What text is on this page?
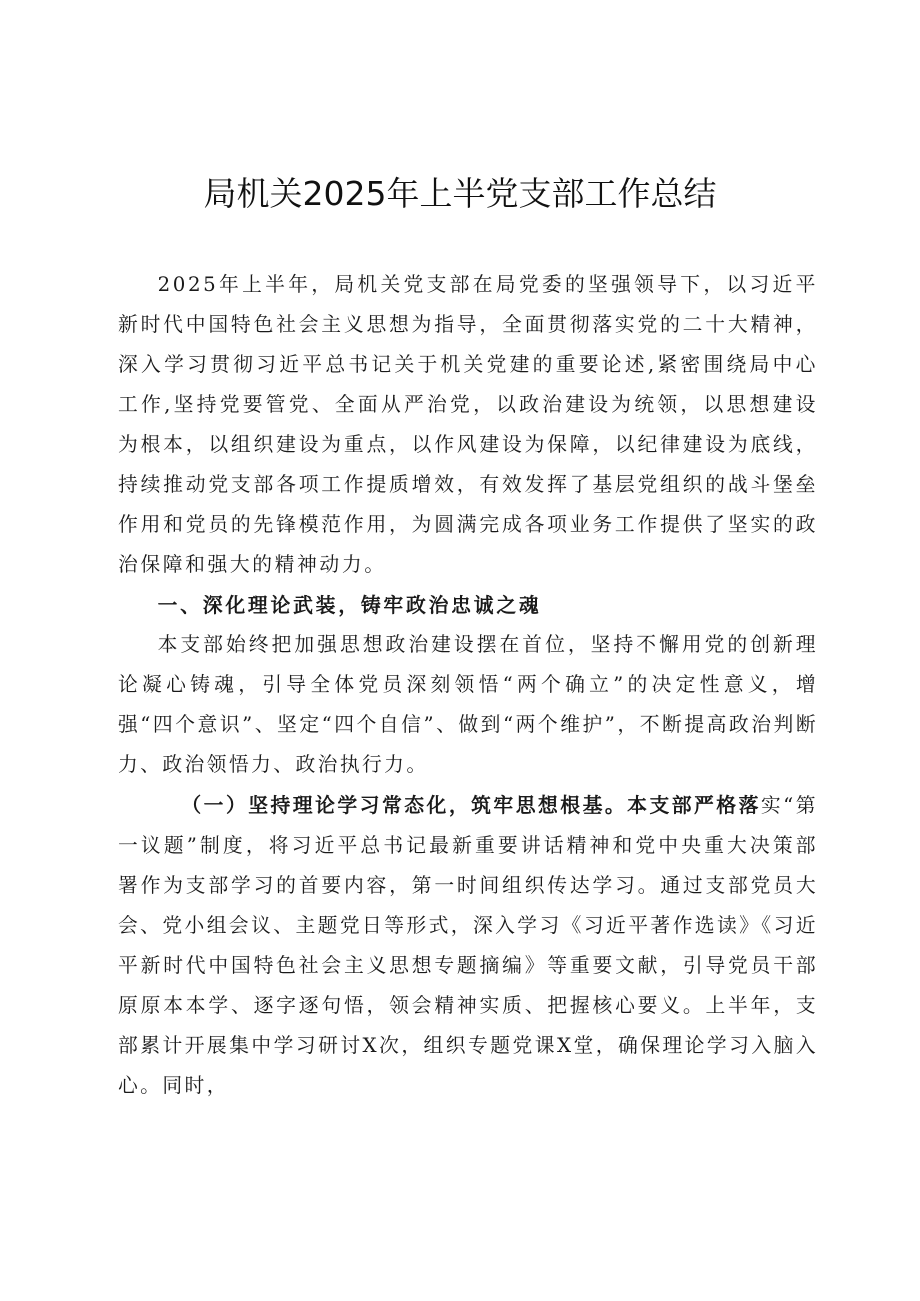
局机关2025年上半党支部工作总结

2025年上半年，局机关党支部在局党委的坚强领导下，以习近平新时代中国特色社会主义思想为指导，全面贯彻落实党的二十大精神，深入学习贯彻习近平总书记关于机关党建的重要论述,紧密围绕局中心工作,坚持党要管党、全面从严治党，以政治建设为统领，以思想建设为根本，以组织建设为重点，以作风建设为保障，以纪律建设为底线，持续推动党支部各项工作提质增效，有效发挥了基层党组织的战斗堡垒作用和党员的先锋模范作用，为圆满完成各项业务工作提供了坚实的政治保障和强大的精神动力。

一、深化理论武装，铸牢政治忠诚之魂

本支部始终把加强思想政治建设摆在首位，坚持不懈用党的创新理论凝心铸魂，引导全体党员深刻领悟“两个确立”的决定性意义，增强“四个意识”、坚定“四个自信”、做到“两个维护”，不断提高政治判断力、政治领悟力、政治执行力。

（一）坚持理论学习常态化，筑牢思想根基。本支部严格落实“第一议题”制度，将习近平总书记最新重要讲话精神和党中央重大决策部署作为支部学习的首要内容，第一时间组织传达学习。通过支部党员大会、党小组会议、主题党日等形式，深入学习《习近平著作选读》《习近平新时代中国特色社会主义思想专题摘编》等重要文献，引导党员干部原原本本学、逐字逐句悟，领会精神实质、把握核心要义。上半年，支部累计开展集中学习研讨X次，组织专题党课X堂，确保理论学习入脑入心。同时，
